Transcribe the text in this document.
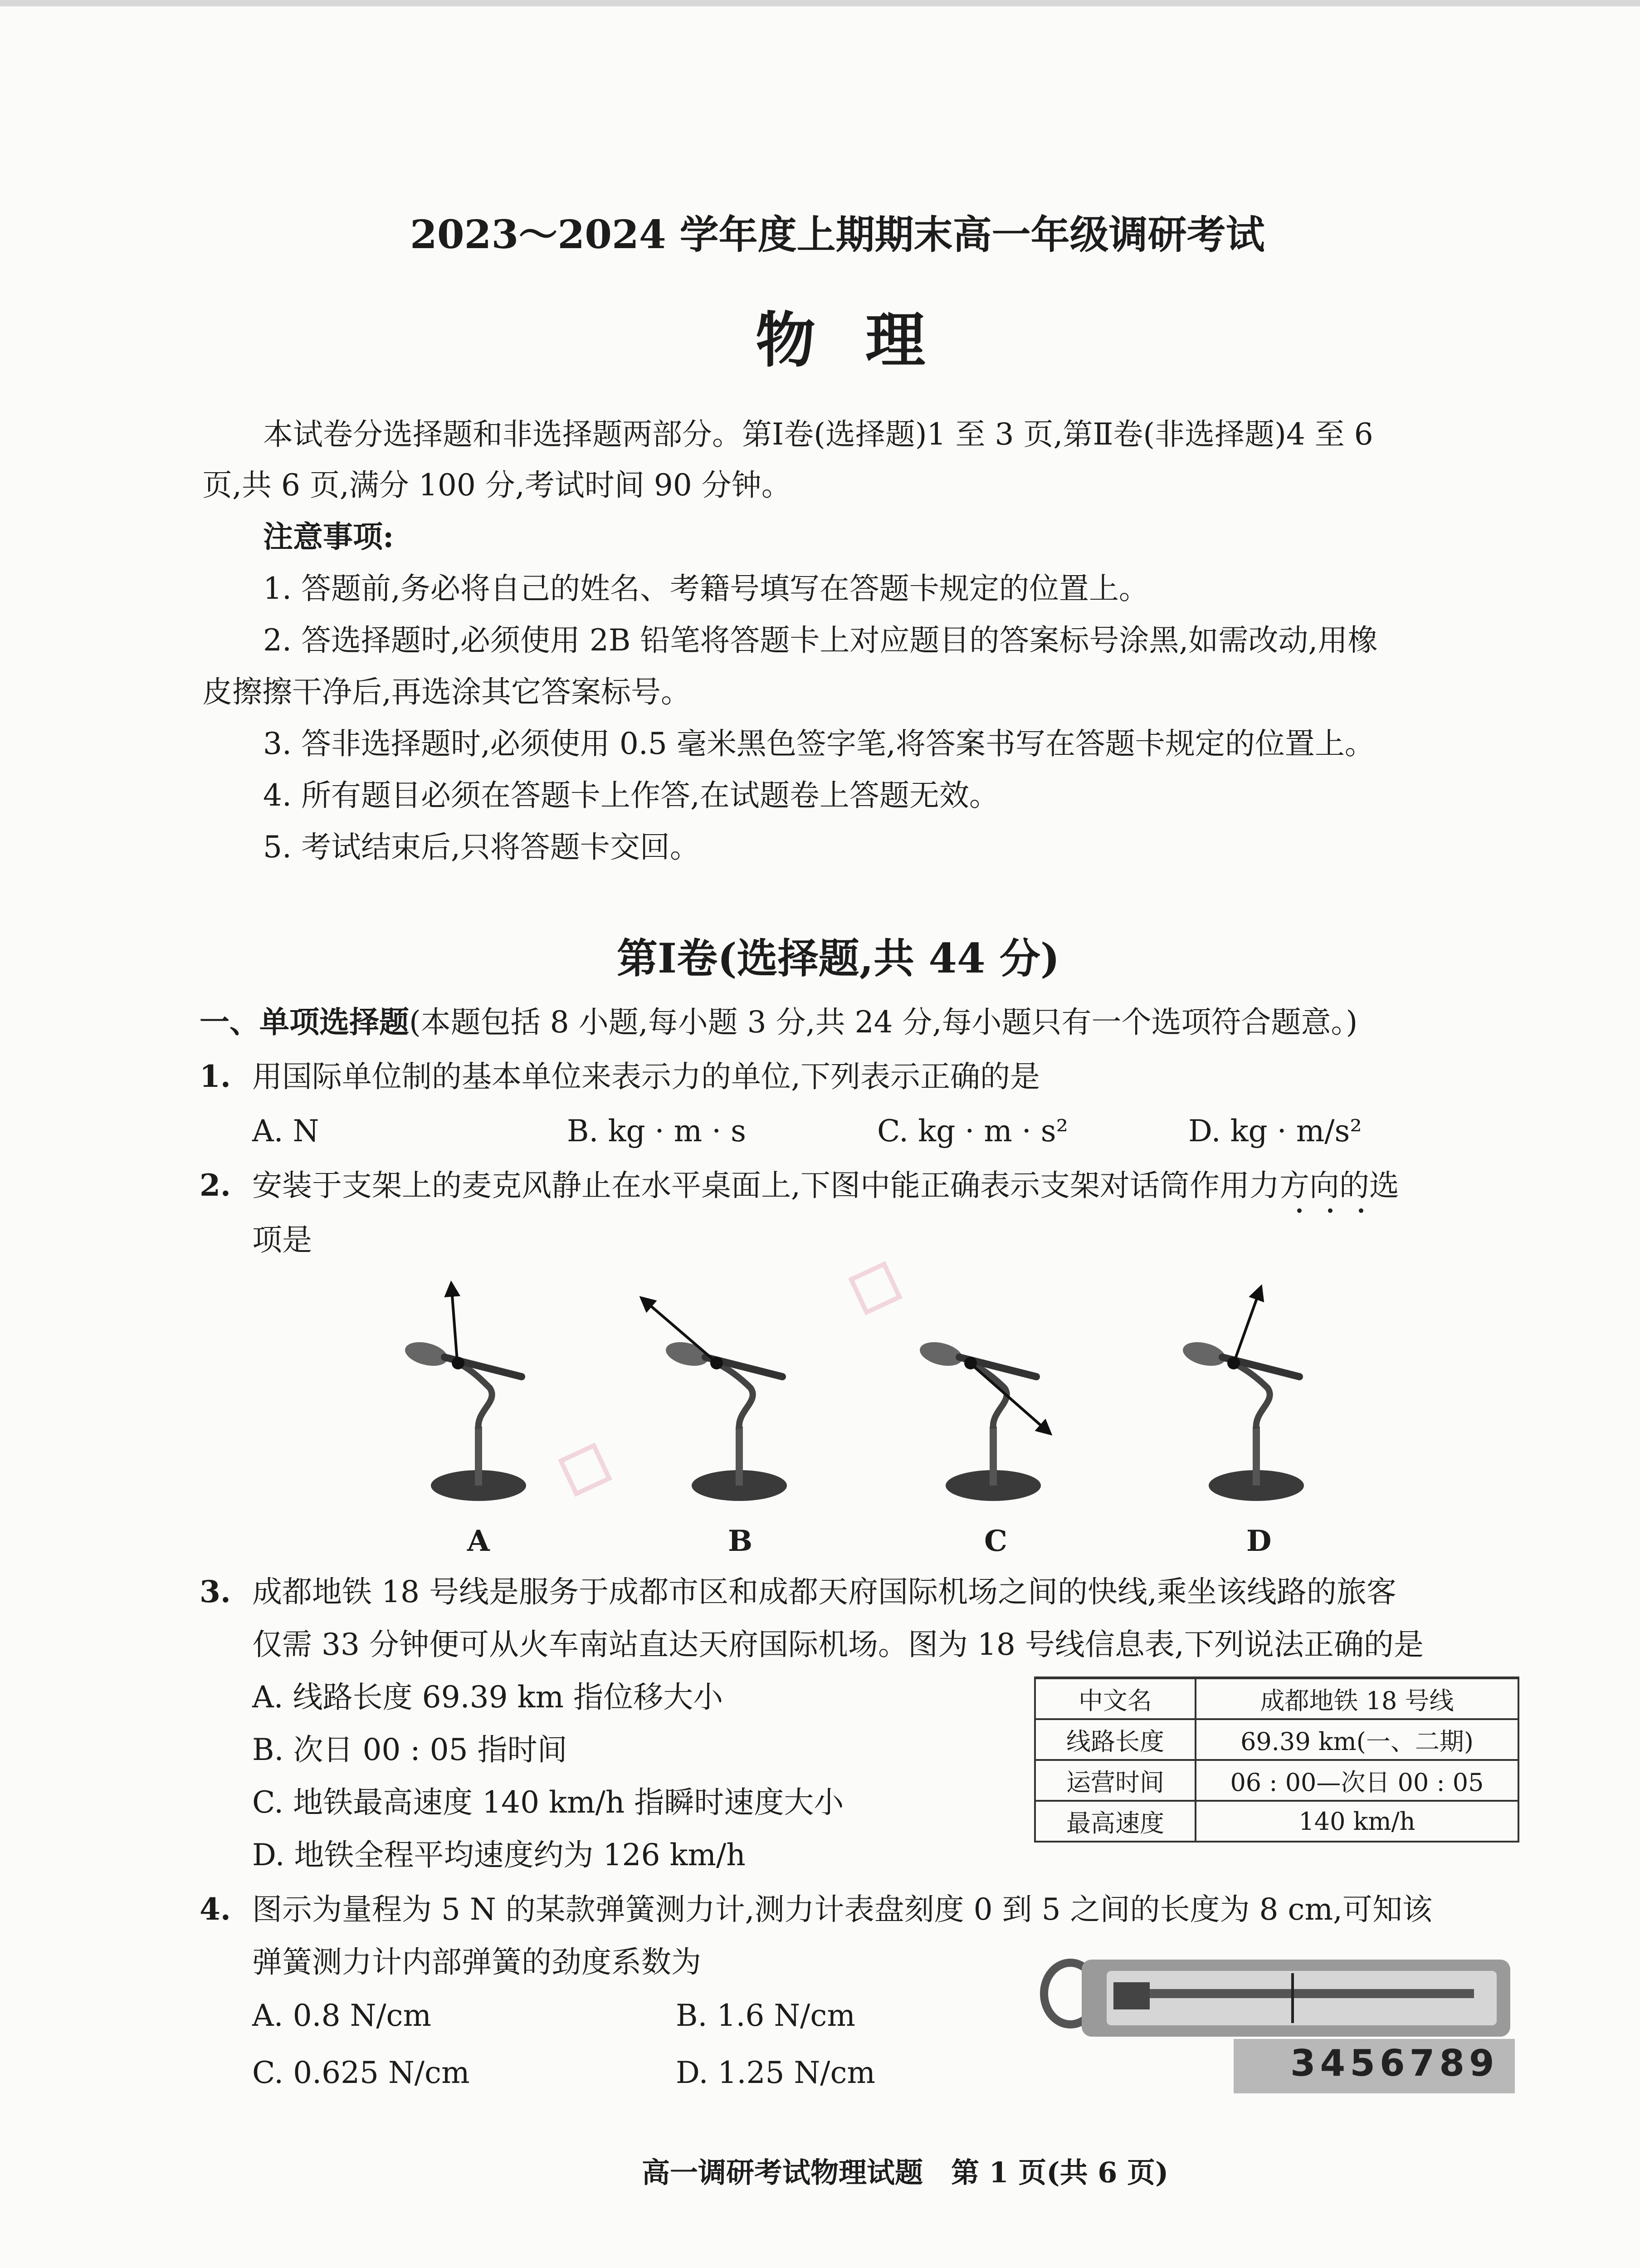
2023～2024 学年度上期期末高一年级调研考试
物理
本试卷分选择题和非选择题两部分。第Ⅰ卷(选择题)1 至 3 页,第Ⅱ卷(非选择题)4 至 6
页,共 6 页,满分 100 分,考试时间 90 分钟。
注意事项:
1. 答题前,务必将自己的姓名、考籍号填写在答题卡规定的位置上。
2. 答选择题时,必须使用 2B 铅笔将答题卡上对应题目的答案标号涂黑,如需改动,用橡
皮擦擦干净后,再选涂其它答案标号。
3. 答非选择题时,必须使用 0.5 毫米黑色签字笔,将答案书写在答题卡规定的位置上。
4. 所有题目必须在答题卡上作答,在试题卷上答题无效。
5. 考试结束后,只将答题卡交回。
第Ⅰ卷(选择题,共 44 分)
一、单项选择题(本题包括 8 小题,每小题 3 分,共 24 分,每小题只有一个选项符合题意。)
1. 用国际单位制的基本单位来表示力的单位,下列表示正确的是
A. N	B. kg · m · s	C. kg · m · s²	D. kg · m/s²
2. 安装于支架上的麦克风静止在水平桌面上,下图中能正确表示支架对话筒作用力方向的选
项是
A	B	C	D
3. 成都地铁 18 号线是服务于成都市区和成都天府国际机场之间的快线,乘坐该线路的旅客
仅需 33 分钟便可从火车南站直达天府国际机场。图为 18 号线信息表,下列说法正确的是
A. 线路长度 69.39 km 指位移大小
B. 次日 00 : 05 指时间
C. 地铁最高速度 140 km/h 指瞬时速度大小
D. 地铁全程平均速度约为 126 km/h
中文名	成都地铁 18 号线
线路长度	69.39 km(一、二期)
运营时间	06 : 00—次日 00 : 05
最高速度	140 km/h
4. 图示为量程为 5 N 的某款弹簧测力计,测力计表盘刻度 0 到 5 之间的长度为 8 cm,可知该
弹簧测力计内部弹簧的劲度系数为
A. 0.8 N/cm	B. 1.6 N/cm
C. 0.625 N/cm	D. 1.25 N/cm	3456789
高一调研考试物理试题　第 1 页(共 6 页)
